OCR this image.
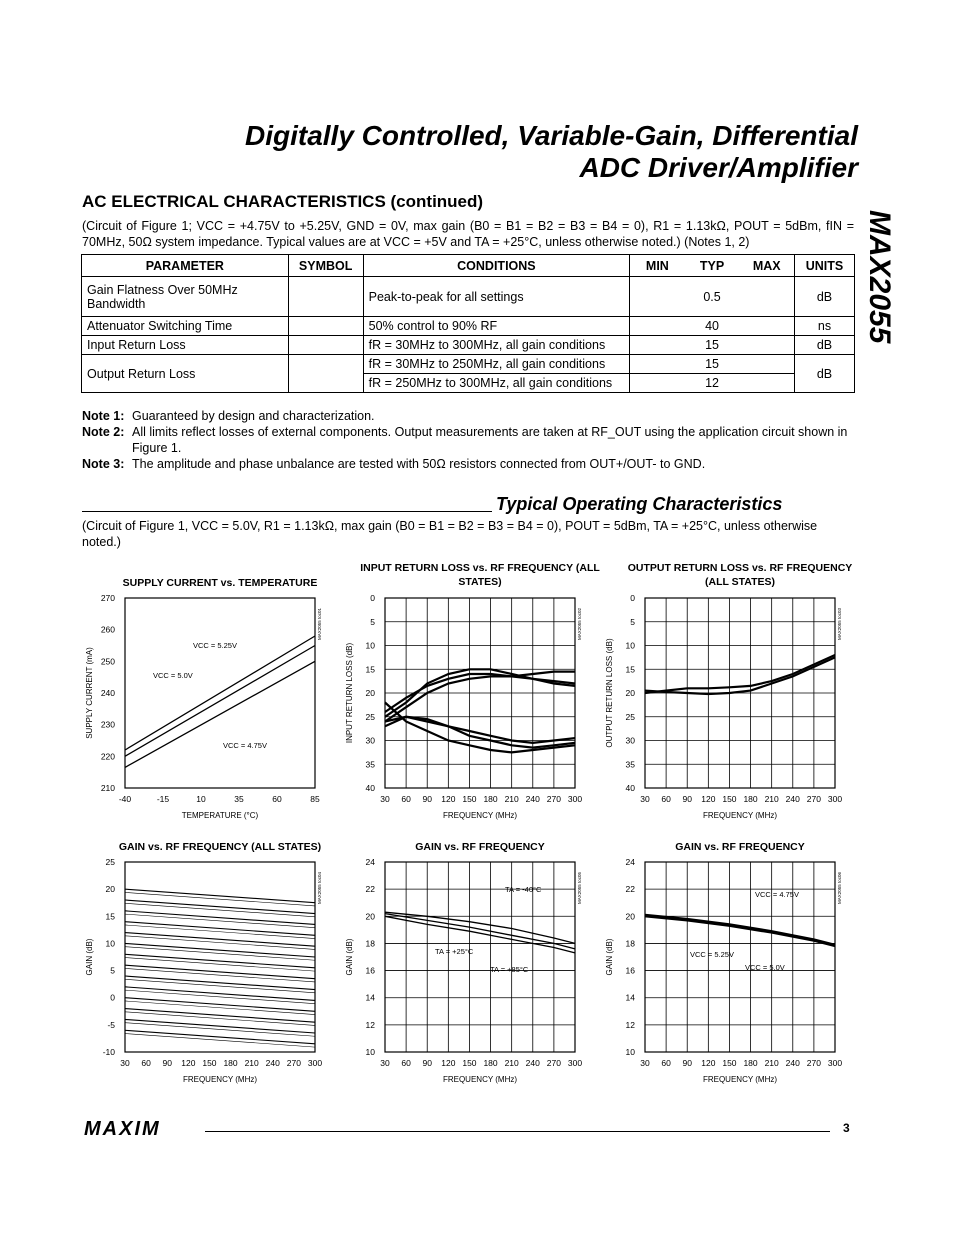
Digitally Controlled, Variable-Gain, Differential
ADC Driver/Amplifier
MAX2055
AC ELECTRICAL CHARACTERISTICS (continued)
(Circuit of Figure 1; VCC = +4.75V to +5.25V, GND = 0V, max gain (B0 = B1 = B2 = B3 = B4 = 0), R1 = 1.13kΩ, POUT = 5dBm, fIN = 70MHz, 50Ω system impedance. Typical values are at VCC = +5V and TA = +25°C, unless otherwise noted.) (Notes 1, 2)
PARAMETER	SYMBOL	CONDITIONS	MIN	TYP	MAX	UNITS
Gain Flatness Over 50MHz Bandwidth		Peak-to-peak for all settings		0.5		dB
Attenuator Switching Time		50% control to 90% RF		40		ns
Input Return Loss		fR = 30MHz to 300MHz, all gain conditions		15		dB
Output Return Loss		fR = 30MHz to 250MHz, all gain conditions		15		dB
		fR = 250MHz to 300MHz, all gain conditions		12		
Note 1: Guaranteed by design and characterization.
Note 2: All limits reflect losses of external components. Output measurements are taken at RF_OUT using the application circuit shown in Figure 1.
Note 3: The amplitude and phase unbalance are tested with 50Ω resistors connected from OUT+/OUT- to GND.
Typical Operating Characteristics
(Circuit of Figure 1, VCC = 5.0V, R1 = 1.13kΩ, max gain (B0 = B1 = B2 = B3 = B4 = 0), POUT = 5dBm, TA = +25°C, unless otherwise noted.)
SUPPLY CURRENT vs. TEMPERATURE
-40	-15	10	35	60	85
270
260
250
240
230
220
210
TEMPERATURE (°C)
SUPPLY CURRENT (mA)
MAX2055 toc01
VCC = 5.25V
VCC = 5.0V
VCC = 4.75V
INPUT RETURN LOSS vs. RF FREQUENCY (ALL STATES)
30 60 90 120 150 180 210 240 270 300
0
5
10
15
20
25
30
35
40
FREQUENCY (MHz)
INPUT RETURN LOSS (dB)
MAX2055 toc02
OUTPUT RETURN LOSS vs. RF FREQUENCY (ALL STATES)
30 60 90 120 150 180 210 240 270 300
0
5
10
15
20
25
30
35
40
FREQUENCY (MHz)
OUTPUT RETURN LOSS (dB)
MAX2055 toc03
GAIN vs. RF FREQUENCY (ALL STATES)
30 60 90 120 150 180 210 240 270 300
25
20
15
10
5
0
-5
-10
FREQUENCY (MHz)
GAIN (dB)
MAX2055 toc04
GAIN vs. RF FREQUENCY
30 60 90 120 150 180 210 240 270 300
24
22
20
18
16
14
12
10
FREQUENCY (MHz)
GAIN (dB)
MAX2055 toc05
TA = -40°C
TA = +25°C
TA = +85°C
GAIN vs. RF FREQUENCY
30 60 90 120 150 180 210 240 270 300
24
22
20
18
16
14
12
10
FREQUENCY (MHz)
GAIN (dB)
MAX2055 toc06
VCC = 4.75V
VCC = 5.25V
VCC = 5.0V
MAXIM	3
